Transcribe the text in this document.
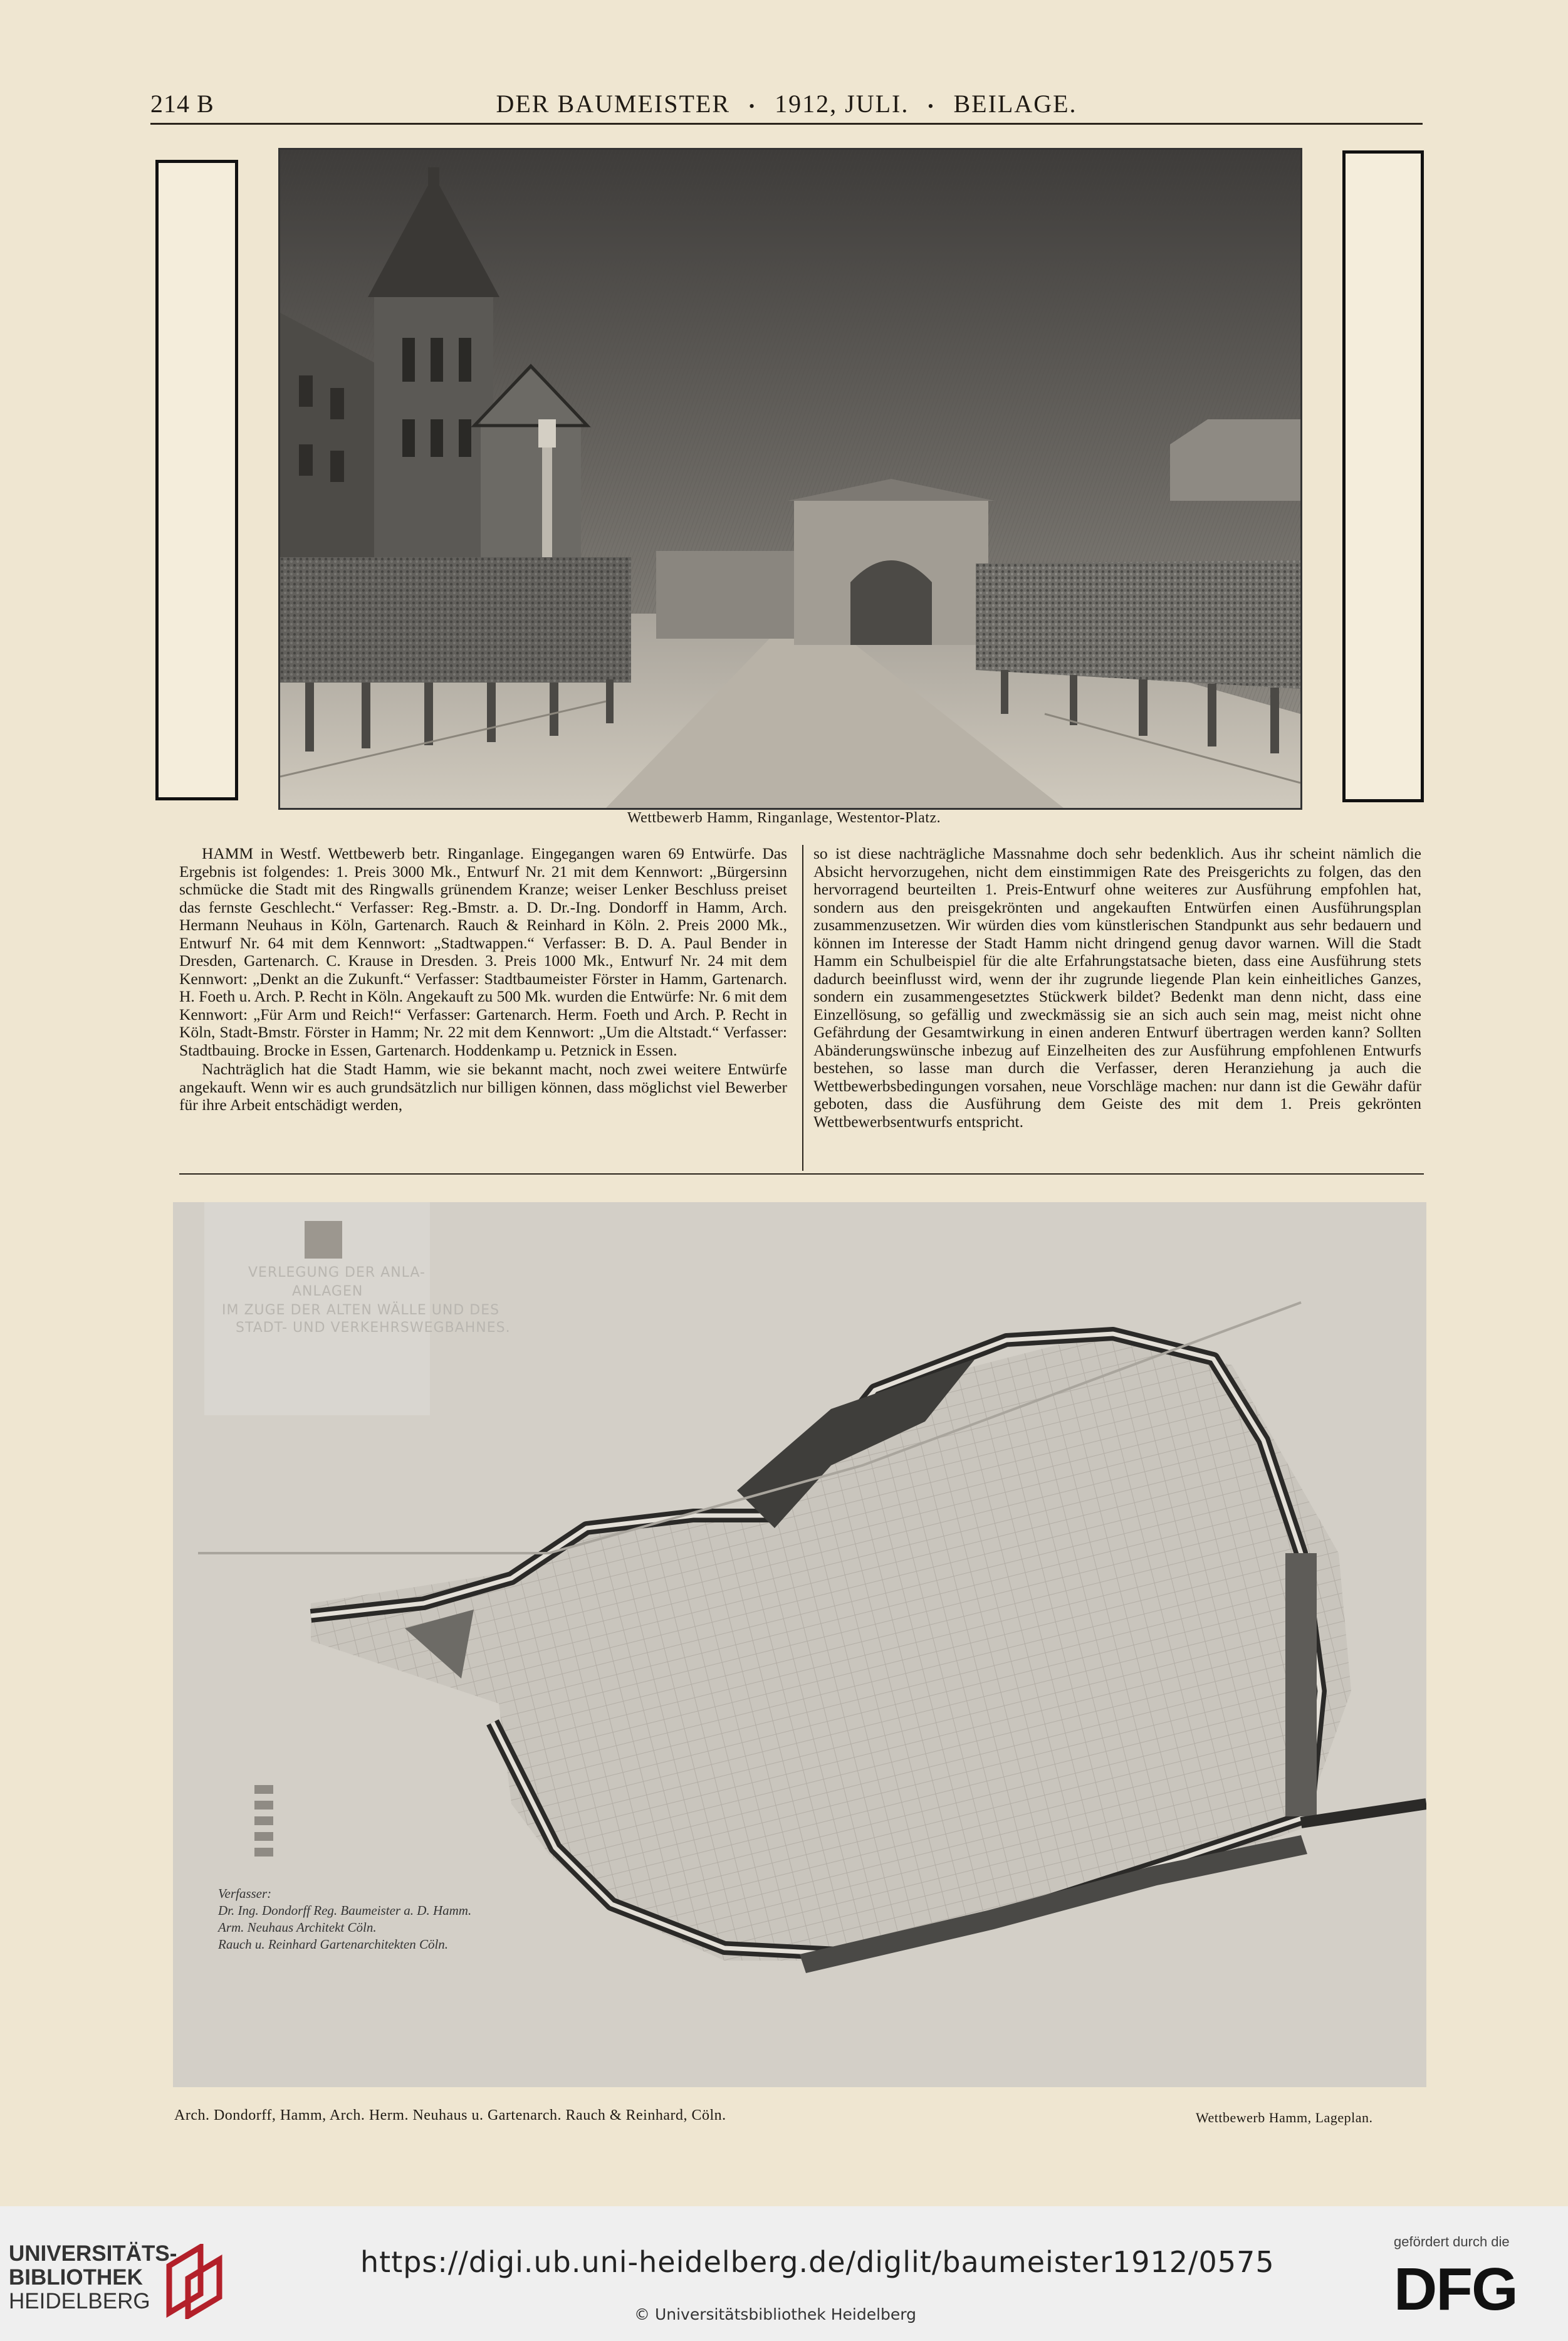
214 B	DER BAUMEISTER • 1912, JULI. • BEILAGE.
Wettbewerb Hamm, Ringanlage, Westentor-Platz.

HAMM in Westf. Wettbewerb betr. Ringanlage. Eingegangen waren 69 Entwürfe. Das Ergebnis ist folgendes: 1. Preis 3000 Mk., Entwurf Nr. 21 mit dem Kennwort: „Bürgersinn schmücke die Stadt mit des Ringwalls grünendem Kranze; weiser Lenker Beschluss preiset das fernste Geschlecht.“ Verfasser: Reg.-Bmstr. a. D. Dr.-Ing. Dondorff in Hamm, Arch. Hermann Neuhaus in Köln, Gartenarch. Rauch & Reinhard in Köln. 2. Preis 2000 Mk., Entwurf Nr. 64 mit dem Kennwort: „Stadtwappen.“ Verfasser: B. D. A. Paul Bender in Dresden, Gartenarch. C. Krause in Dresden. 3. Preis 1000 Mk., Entwurf Nr. 24 mit dem Kennwort: „Denkt an die Zukunft.“ Verfasser: Stadtbaumeister Förster in Hamm, Gartenarch. H. Foeth u. Arch. P. Recht in Köln. Angekauft zu 500 Mk. wurden die Entwürfe: Nr. 6 mit dem Kennwort: „Für Arm und Reich!“ Verfasser: Gartenarch. Herm. Foeth und Arch. P. Recht in Köln, Stadt-Bmstr. Förster in Hamm; Nr. 22 mit dem Kennwort: „Um die Altstadt.“ Verfasser: Stadtbauing. Brocke in Essen, Gartenarch. Hoddenkamp u. Petznick in Essen.

Nachträglich hat die Stadt Hamm, wie sie bekannt macht, noch zwei weitere Entwürfe angekauft. Wenn wir es auch grundsätzlich nur billigen können, dass möglichst viel Bewerber für ihre Arbeit entschädigt werden,

so ist diese nachträgliche Massnahme doch sehr bedenklich. Aus ihr scheint nämlich die Absicht hervorzugehen, nicht dem einstimmigen Rate des Preisgerichts zu folgen, das den hervorragend beurteilten 1. Preis-Entwurf ohne weiteres zur Ausführung empfohlen hat, sondern aus den preisgekrönten und angekauften Entwürfen einen Ausführungsplan zusammenzusetzen. Wir würden dies vom künstlerischen Standpunkt aus sehr bedauern und können im Interesse der Stadt Hamm nicht dringend genug davor warnen. Will die Stadt Hamm ein Schulbeispiel für die alte Erfahrungstatsache bieten, dass eine Ausführung stets dadurch beeinflusst wird, wenn der ihr zugrunde liegende Plan kein einheitliches Ganzes, sondern ein zusammengesetztes Stückwerk bildet? Bedenkt man denn nicht, dass eine Einzellösung, so gefällig und zweckmässig sie an sich auch sein mag, meist nicht ohne Gefährdung der Gesamtwirkung in einen anderen Entwurf übertragen werden kann? Sollten Abänderungswünsche inbezug auf Einzelheiten des zur Ausführung empfohlenen Entwurfs bestehen, so lasse man durch die Verfasser, deren Heranziehung ja auch die Wettbewerbsbedingungen vorsahen, neue Vorschläge machen: nur dann ist die Gewähr dafür geboten, dass die Ausführung dem Geiste des mit dem 1. Preis gekrönten Wettbewerbsentwurfs entspricht.

VERLEGUNG DER ANLA-
ANLAGEN
IM ZUGE DER ALTEN WÄLLE UND DES
STADT- UND VERKEHRSWEGBAHNES.
Verfasser:
Dr. Ing. Dondorff Reg. Baumeister a. D. Hamm.
Arm. Neuhaus Architekt Cöln.
Rauch u. Reinhard Gartenarchitekten Cöln.
Arch. Dondorff, Hamm, Arch. Herm. Neuhaus u. Gartenarch. Rauch & Reinhard, Cöln.	Wettbewerb Hamm, Lageplan.
UNIVERSITÄTS-
BIBLIOTHEK
HEIDELBERG
https://digi.ub.uni-heidelberg.de/diglit/baumeister1912/0575
© Universitätsbibliothek Heidelberg
gefördert durch die
DFG
